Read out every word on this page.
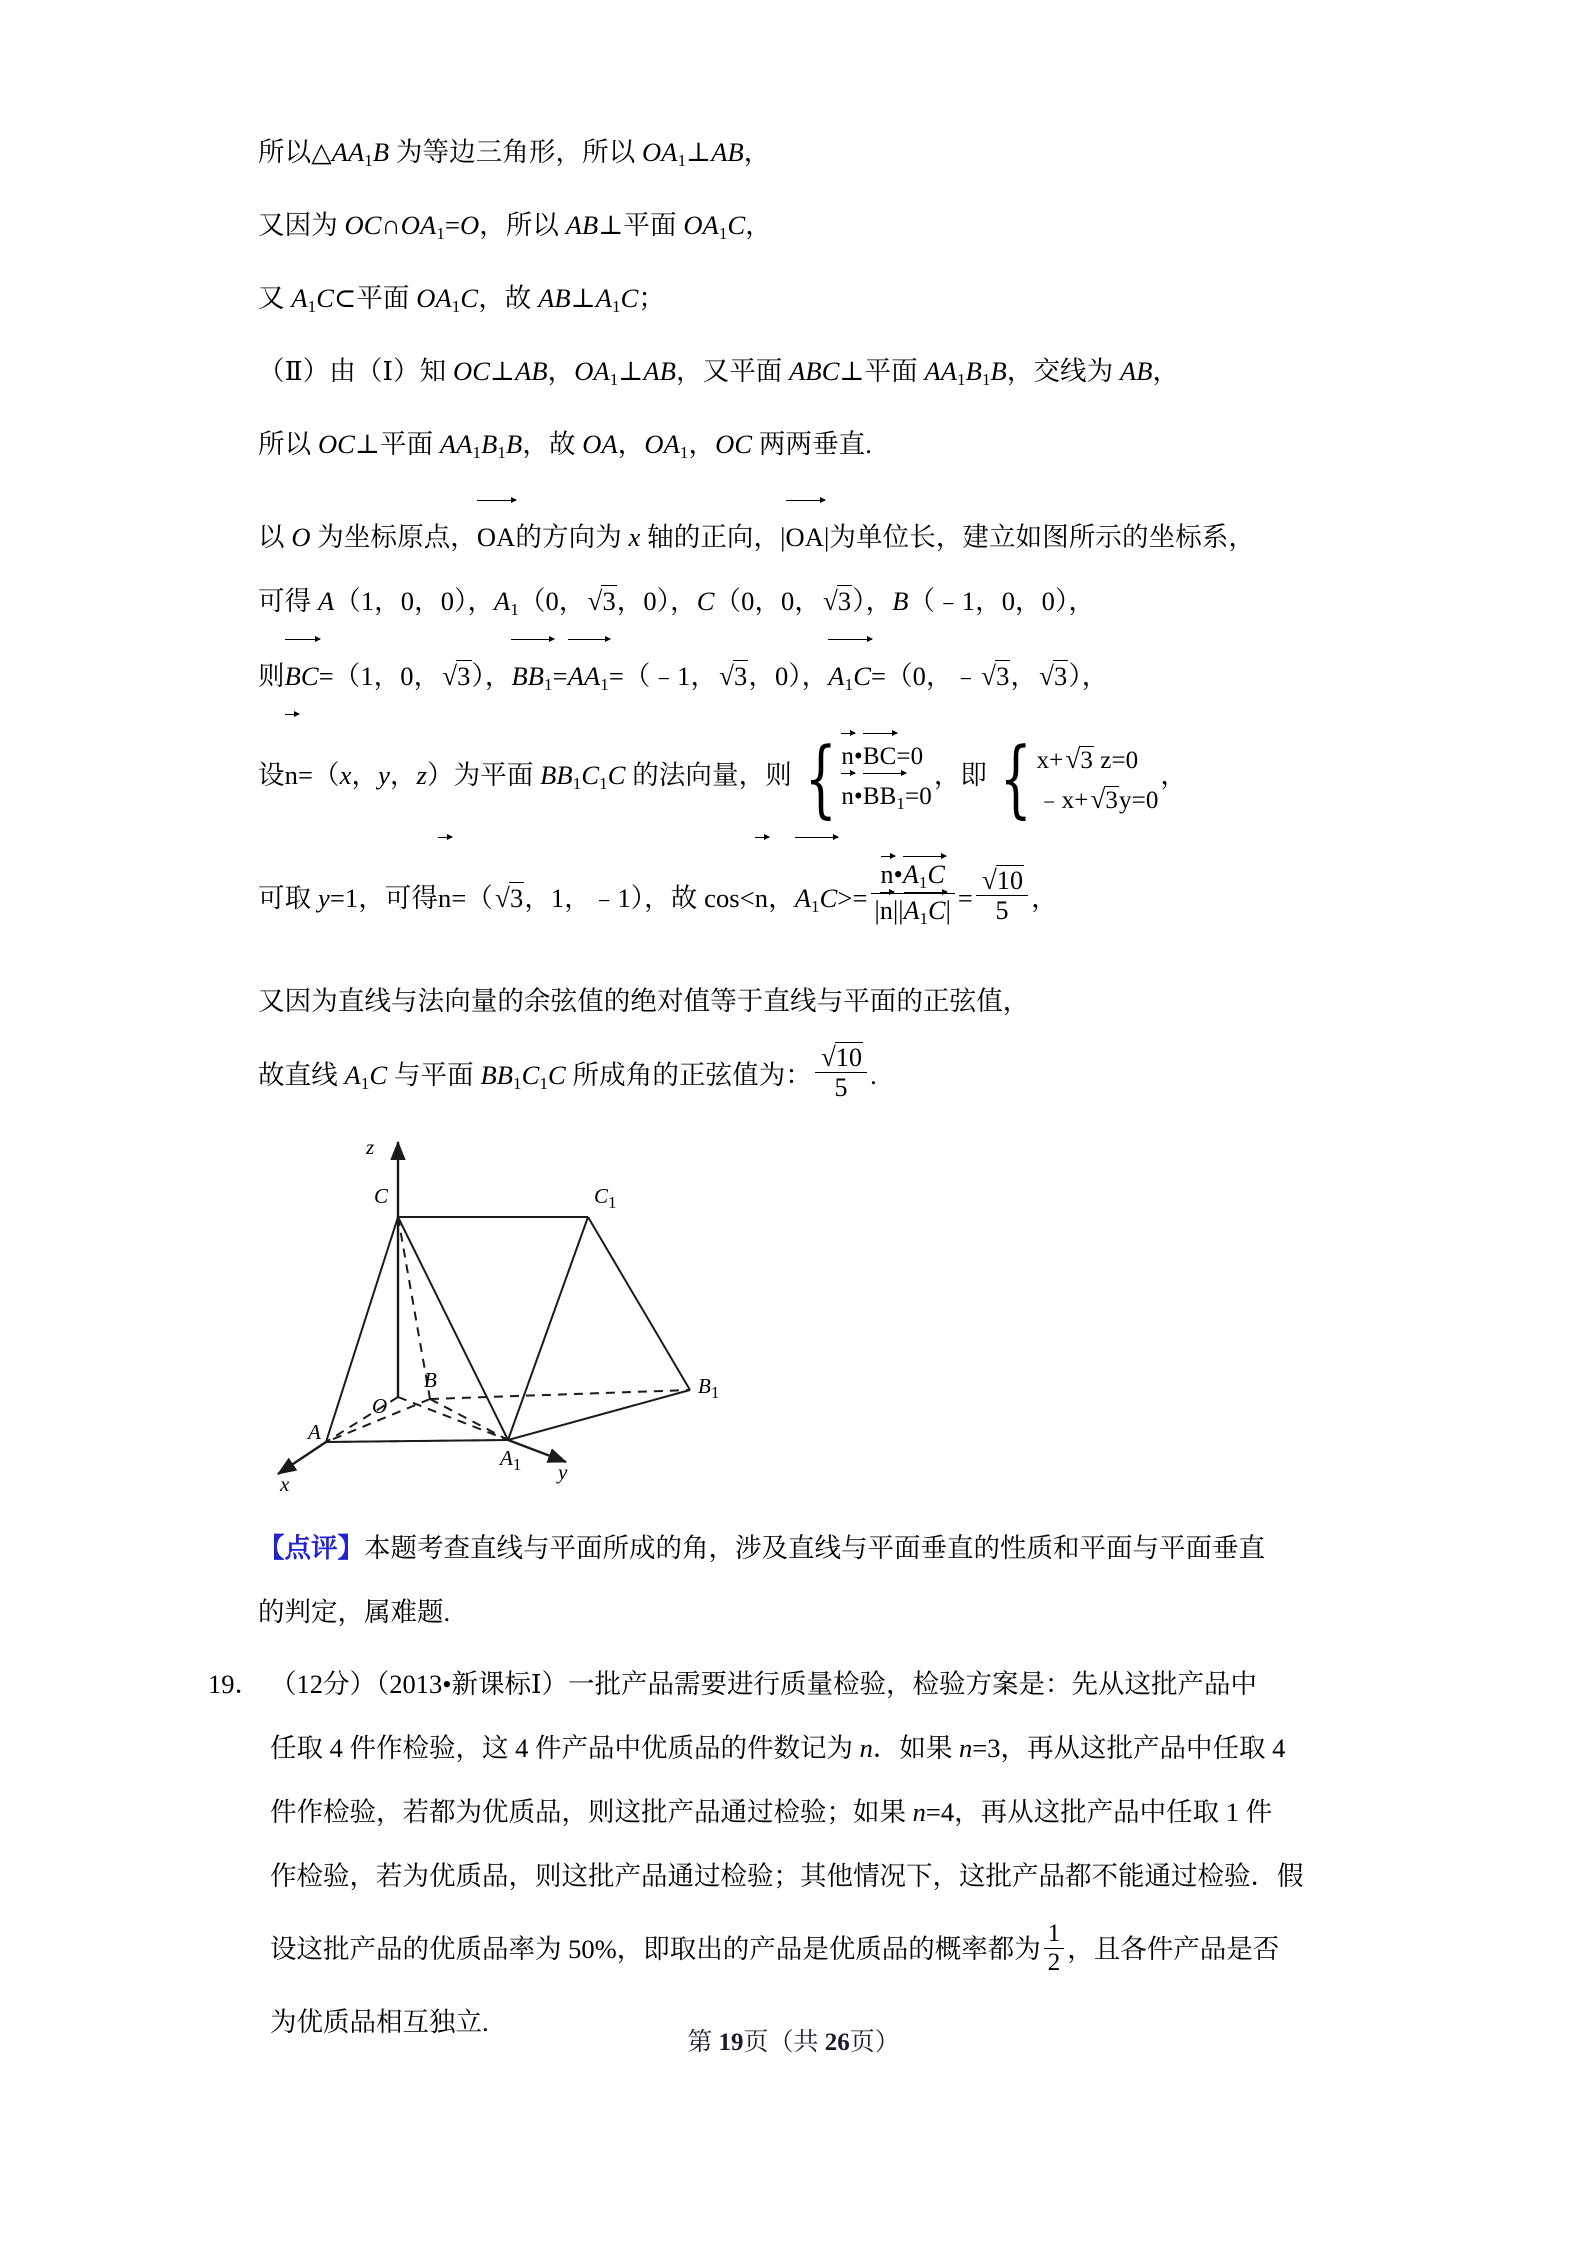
所以△AA1B 为等边三角形，所以 OA1⊥AB，
又因为 OC∩OA1=O，所以 AB⊥平面 OA1C，
又 A1C⊂平面 OA1C，故 AB⊥A1C；
（Ⅱ）由（Ⅰ）知 OC⊥AB，OA1⊥AB，又平面 ABC⊥平面 AA1B1B，交线为 AB，
所以 OC⊥平面 AA1B1B，故 OA，OA1，OC 两两垂直.
以 O 为坐标原点，OA的方向为 x 轴的正向，|OA|为单位长，建立如图所示的坐标系，
可得 A（1，0，0），A1（0，√3，0），C（0，0，√3），B（﹣1，0，0），
则BC=（1，0，√3），BB1=AA1=（﹣1，√3，0），A1C=（0，﹣√3，√3），
设n=（x，y，z）为平面 BB1C1C 的法向量，则 { n•BC=0
$n•BB_1=0$
，即 { x+√3 z=0
﹣x+√3y=0
，
可取 y=1，可得n=（√3，1，﹣1），故 cos<n，$A1C>= \frac{n•A1C}{|n||A1C|} = \frac{√10}{5}$ ，
又因为直线与法向量的余弦值的绝对值等于直线与平面的正弦值，
故直线 A1C 与平面 BB1C1C 所成角的正弦值为： $\frac{√10}{5}$ .
z
x	y
C	$C_1$
B	$B_1$
A
$A_1$
O
【点评】本题考查直线与平面所成的角，涉及直线与平面垂直的性质和平面与平面垂直
的判定，属难题.
19． （12分）（2013•新课标Ⅰ）一批产品需要进行质量检验，检验方案是：先从这批产品中

任取 4 件作检验，这 4 件产品中优质品的件数记为 n．如果 n=3，再从这批产品中任取 4

件作检验，若都为优质品，则这批产品通过检验；如果 n=4，再从这批产品中任取 1 件

作检验，若为优质品，则这批产品通过检验；其他情况下，这批产品都不能通过检验．假

设这批产品的优质品率为 50%，即取出的产品是优质品的概率都为 $\frac{1}{2}$ ，且各件产品是否

为优质品相互独立.

第 19页（共 26页）
